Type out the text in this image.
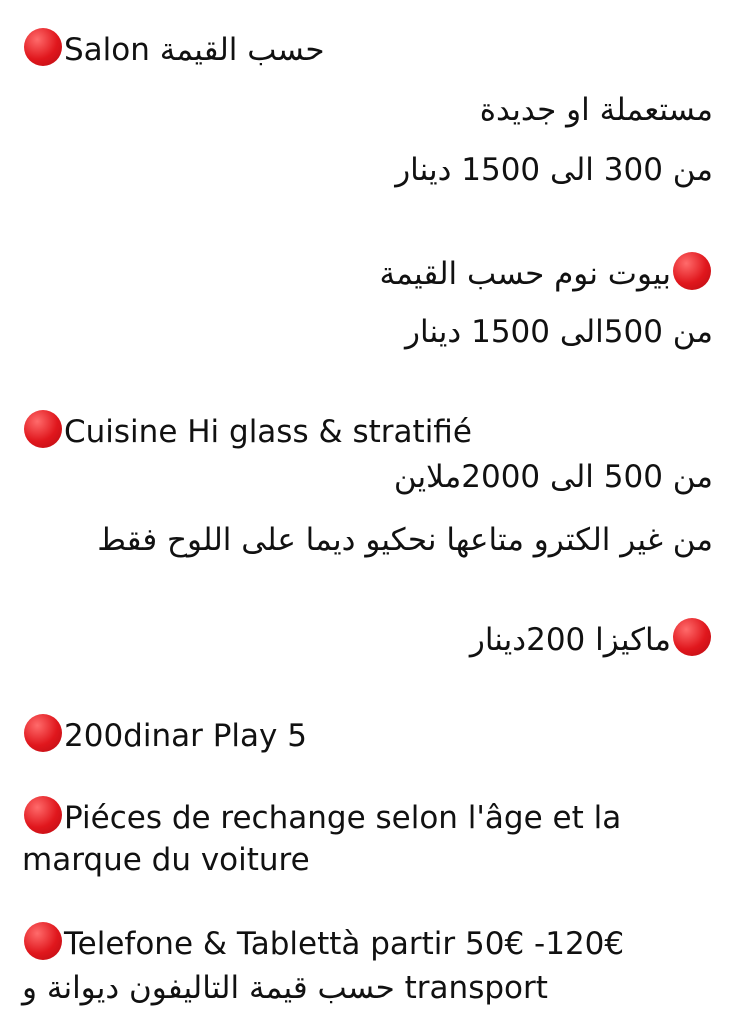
Salon حسب القيمة
مستعملة او جديدة
من 300 الى 1500 دينار
بيوت نوم حسب القيمة
من 500الى 1500 دينار
Cuisine Hi glass & stratifié
من 500 الى 2000ملاين
من غير الكترو متاعها نحكيو ديما على اللوح فقط
ماكيزا 200دينار
200dinar Play 5
Piéces de rechange selon l'âge et la marque du voiture
Telefone & Tablettà partir 50€ -120€
حسب قيمة التاليفون ديوانة و transport
